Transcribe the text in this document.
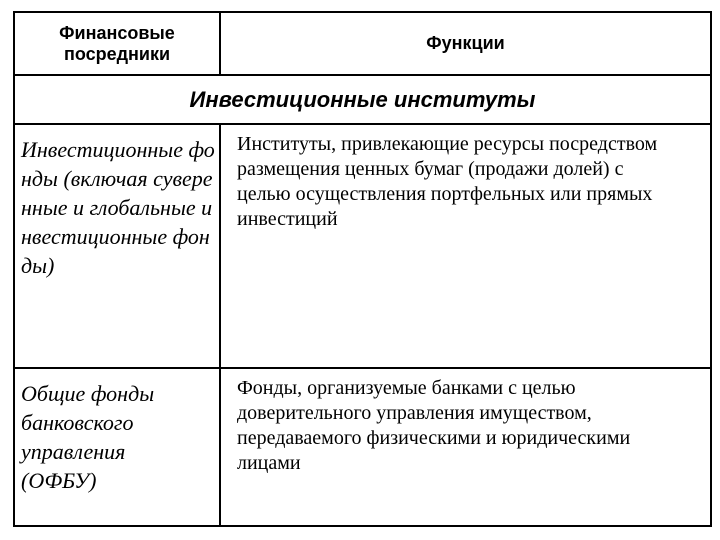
Финансовые посредники	Функции
Инвестиционные институты	

Инвестиционные фонды (включая суверенные и глобальные инвестиционные фонды)	Институты, привлекающие ресурсы посредством размещения ценных бумаг (продажи долей) с целью осуществления портфельных или прямых инвестиций

Общие фонды банковского управления (ОФБУ)	Фонды, организуемые банками с целью доверительного управления имуществом, передаваемого физическими и юридическими лицами
